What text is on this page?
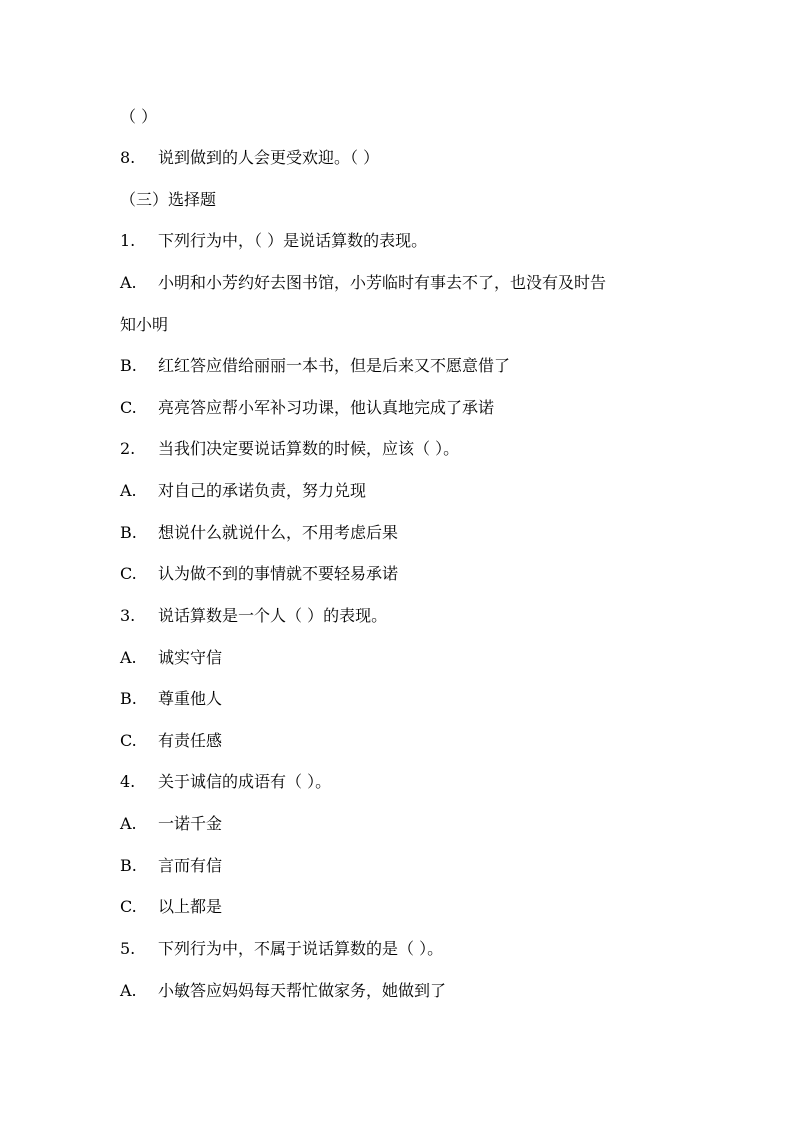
（ ）
8. 说到做到的人会更受欢迎。（ ）
（三）选择题
1. 下列行为中，（ ）是说话算数的表现。
A. 小明和小芳约好去图书馆，小芳临时有事去不了，也没有及时告
知小明
B. 红红答应借给丽丽一本书，但是后来又不愿意借了
C. 亮亮答应帮小军补习功课，他认真地完成了承诺
2. 当我们决定要说话算数的时候，应该（ ）。
A. 对自己的承诺负责，努力兑现
B. 想说什么就说什么，不用考虑后果
C. 认为做不到的事情就不要轻易承诺
3. 说话算数是一个人（ ）的表现。
A. 诚实守信
B. 尊重他人
C. 有责任感
4. 关于诚信的成语有（ ）。
A. 一诺千金
B. 言而有信
C. 以上都是
5. 下列行为中，不属于说话算数的是（ ）。
A. 小敏答应妈妈每天帮忙做家务，她做到了
